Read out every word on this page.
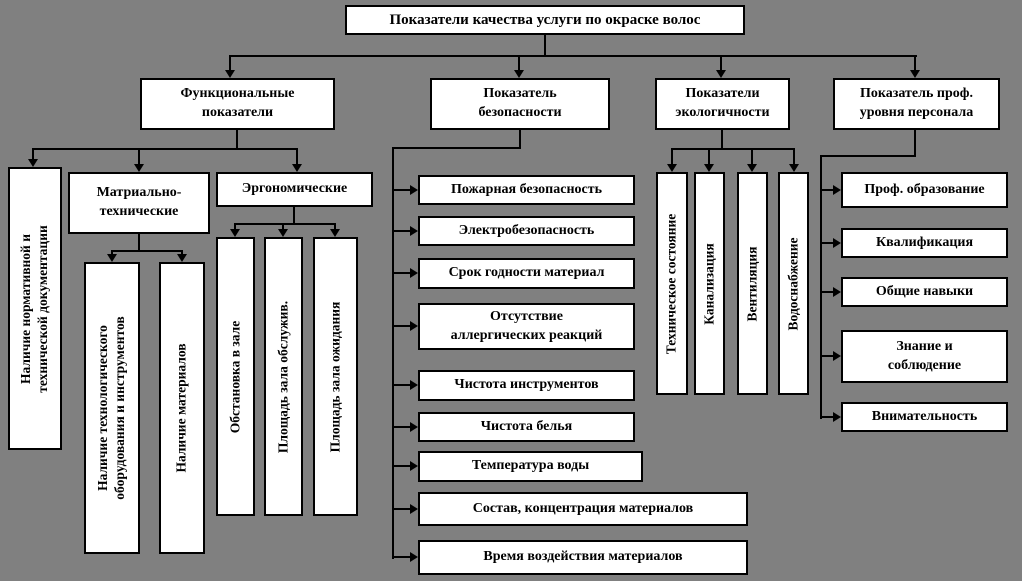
Показатели качества услуги по окраске волос
Функциональные показатели
Показатель безопасности
Показатели экологичности
Показатель проф. уровня персонала
Наличие нормативной и технической документации
Матриально-технические
Эргономические
Наличие технологического оборудования и инструментов	Наличие материалов	Обстановка в зале Площадь зала обслужив.	Площадь зала ожидания
Пожарная безопасность
Электробезопасность
Срок годности материал
Отсутствие аллергических реакций
Чистота инструментов
Чистота белья
Температура воды
Состав, концентрация материалов
Время воздействия материалов
Техническое состояние Канализация Вентиляция Водоснабжение
Проф. образование
Квалификация
Общие навыки
Знание и соблюдение
Внимательность
